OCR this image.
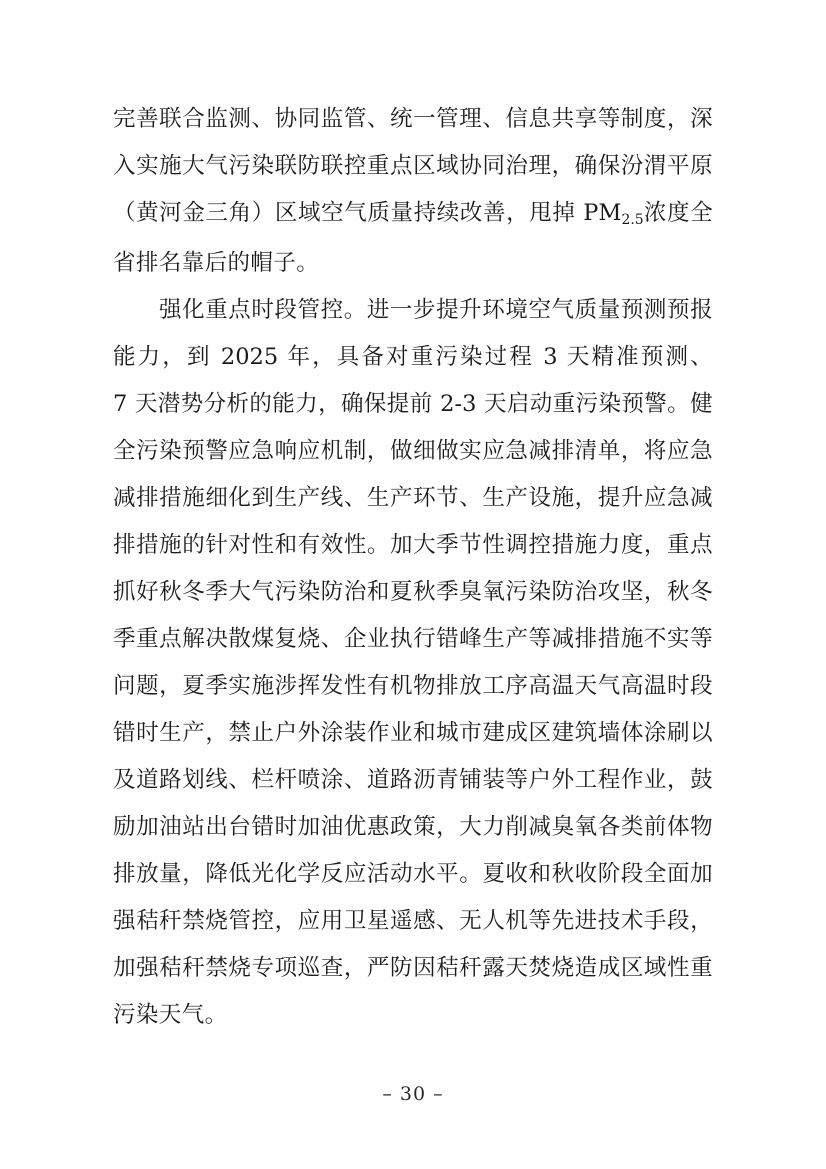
完善联合监测、协同监管、统一管理、信息共享等制度，深入实施大气污染联防联控重点区域协同治理，确保汾渭平原（黄河金三角）区域空气质量持续改善，甩掉 $PM_{2.5}$浓度全省排名靠后的帽子。

强化重点时段管控。进一步提升环境空气质量预测预报能力，到 2025 年，具备对重污染过程 3 天精准预测、7 天潜势分析的能力，确保提前 2-3 天启动重污染预警。健全污染预警应急响应机制，做细做实应急减排清单，将应急减排措施细化到生产线、生产环节、生产设施，提升应急减排措施的针对性和有效性。加大季节性调控措施力度，重点抓好秋冬季大气污染防治和夏秋季臭氧污染防治攻坚，秋冬季重点解决散煤复烧、企业执行错峰生产等减排措施不实等问题，夏季实施涉挥发性有机物排放工序高温天气高温时段错时生产，禁止户外涂装作业和城市建成区建筑墙体涂刷以及道路划线、栏杆喷涂、道路沥青铺装等户外工程作业，鼓励加油站出台错时加油优惠政策，大力削减臭氧各类前体物排放量，降低光化学反应活动水平。夏收和秋收阶段全面加强秸秆禁烧管控，应用卫星遥感、无人机等先进技术手段，加强秸秆禁烧专项巡查，严防因秸秆露天焚烧造成区域性重污染天气。

– 30 –
